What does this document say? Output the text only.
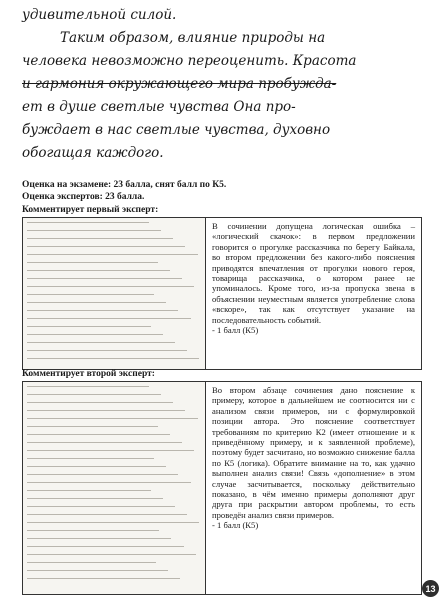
удивительной силой.
Таким образом, влияние природы на
человека невозможно переоценить. Красота
и гармония окружающего мира пробужда-
ет в душе светлые чувства Она про-
буждает в нас светлые чувства, духовно
обогащая каждого.
Оценка на экзамене: 23 балла, снят балл по К5.
Оценка экспертов: 23 балла.
Комментирует первый эксперт:
В сочинении допущена логическая ошибка – «логический скачок»: в первом предложении говорится о прогулке рассказчика по берегу Байкала, во втором предложении без какого-либо пояснения приводятся впечатления от прогулки нового героя, товарища рассказчика, о котором ранее не упоминалось. Кроме того, из-за пропуска звена в объяснении неуместным является употребление слова «вскоре», так как отсутствует указание на последовательность событий.
- 1 балл (К5)
Комментирует второй эксперт:
Во втором абзаце сочинения дано пояснение к примеру, которое в дальнейшем не соотносится ни с анализом связи примеров, ни с формулировкой позиции автора. Это пояснение соответствует требованиям по критерию К2 (имеет отношение и к приведённому примеру, и к заявленной проблеме), поэтому будет засчитано, но возможно снижение балла по К5 (логика). Обратите внимание на то, как удачно выполнен анализ связи! Связь «дополнение» в этом случае засчитывается, поскольку действительно показано, в чём именно примеры дополняют друг друга при раскрытии автором проблемы, то есть проведён анализ связи примеров.
- 1 балл (К5)
13
